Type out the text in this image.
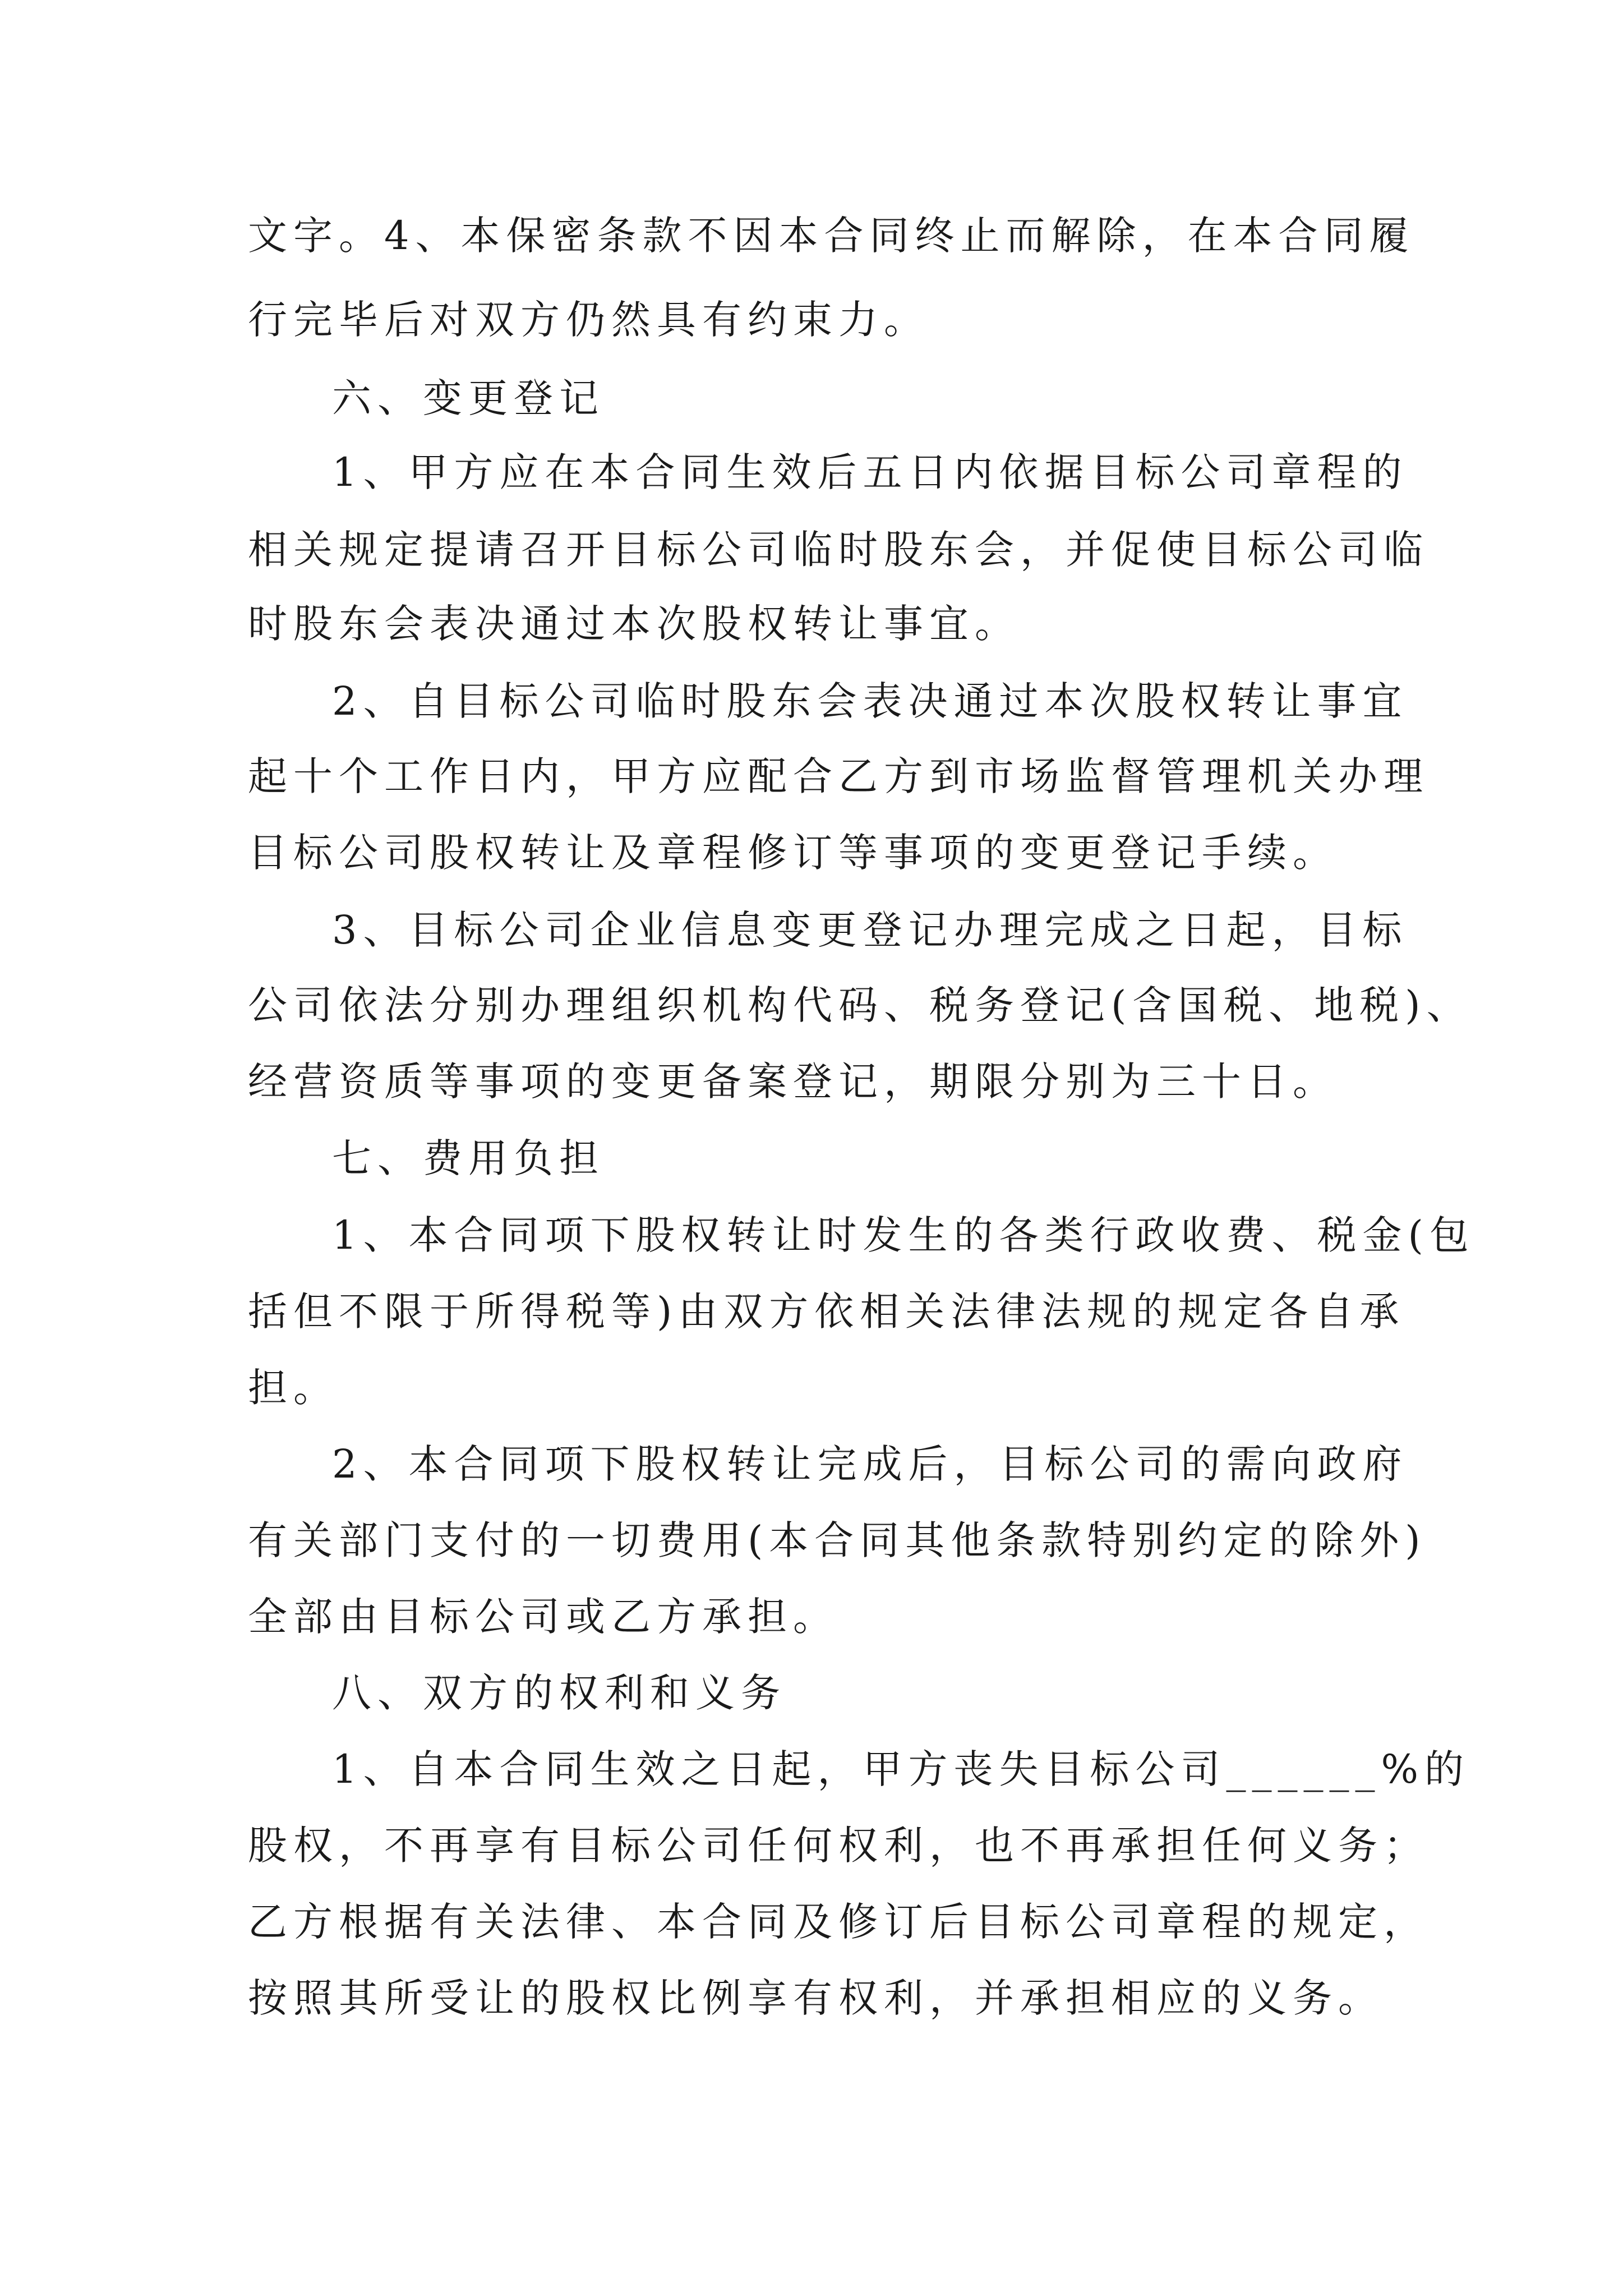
文字。4、本保密条款不因本合同终止而解除，在本合同履
行完毕后对双方仍然具有约束力。
六、变更登记
1、甲方应在本合同生效后五日内依据目标公司章程的
相关规定提请召开目标公司临时股东会，并促使目标公司临
时股东会表决通过本次股权转让事宜。
2、自目标公司临时股东会表决通过本次股权转让事宜
起十个工作日内，甲方应配合乙方到市场监督管理机关办理
目标公司股权转让及章程修订等事项的变更登记手续。
3、目标公司企业信息变更登记办理完成之日起，目标
公司依法分别办理组织机构代码、税务登记(含国税、地税)、
经营资质等事项的变更备案登记，期限分别为三十日。
七、费用负担
1、本合同项下股权转让时发生的各类行政收费、税金(包
括但不限于所得税等)由双方依相关法律法规的规定各自承
担。
2、本合同项下股权转让完成后，目标公司的需向政府
有关部门支付的一切费用(本合同其他条款特别约定的除外)
全部由目标公司或乙方承担。
八、双方的权利和义务
1、自本合同生效之日起，甲方丧失目标公司______%的
股权，不再享有目标公司任何权利，也不再承担任何义务；
乙方根据有关法律、本合同及修订后目标公司章程的规定，
按照其所受让的股权比例享有权利，并承担相应的义务。
